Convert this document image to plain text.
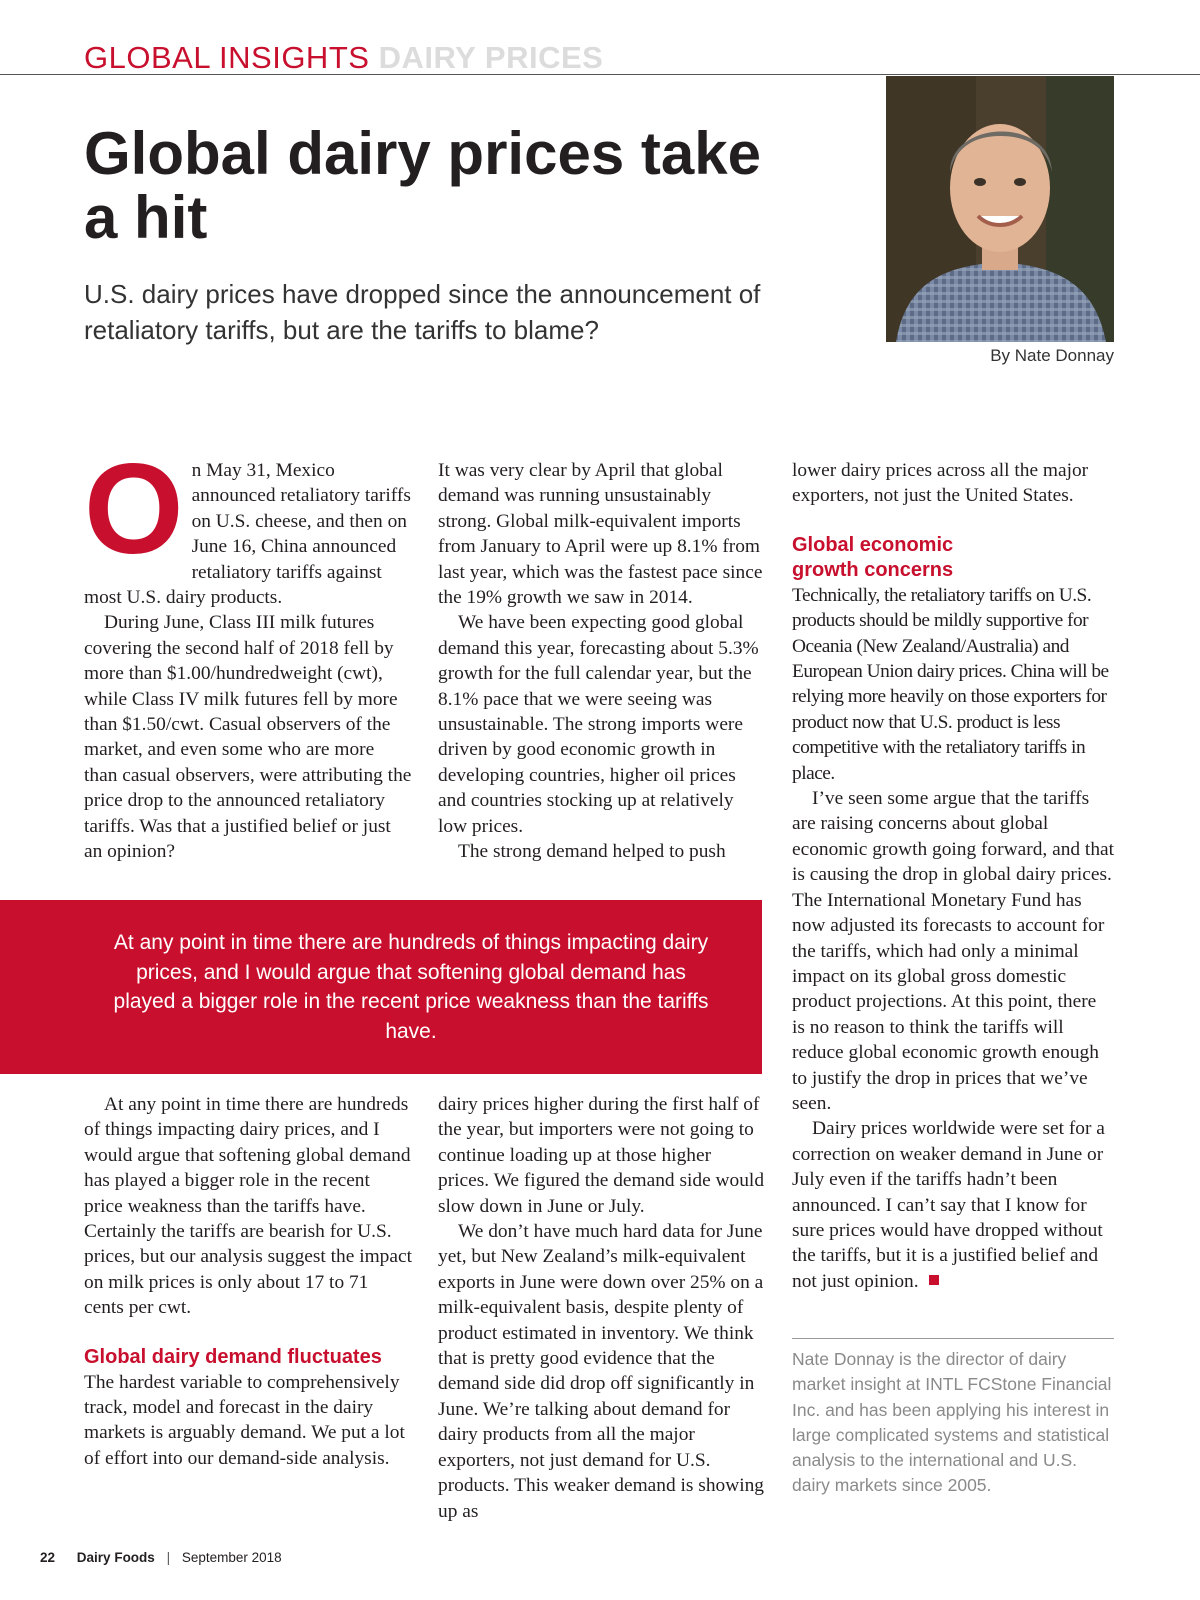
GLOBAL INSIGHTS DAIRY PRICES
Global dairy prices take a hit
U.S. dairy prices have dropped since the announcement of retaliatory tariffs, but are the tariffs to blame?
By Nate Donnay

On May 31, Mexico announced retaliatory tariffs on U.S. cheese, and then on June 16, China announced retaliatory tariffs against most U.S. dairy products.

During June, Class III milk futures covering the second half of 2018 fell by more than $1.00/hundredweight (cwt), while Class IV milk futures fell by more than $1.50/cwt. Casual observers of the market, and even some who are more than casual observers, were attributing the price drop to the announced retaliatory tariffs. Was that a justified belief or just an opinion?

It was very clear by April that global demand was running unsustainably strong. Global milk-equivalent imports from January to April were up 8.1% from last year, which was the fastest pace since the 19% growth we saw in 2014.

We have been expecting good global demand this year, forecasting about 5.3% growth for the full calendar year, but the 8.1% pace that we were seeing was unsustainable. The strong imports were driven by good economic growth in developing countries, higher oil prices and countries stocking up at relatively low prices.

The strong demand helped to push

At any point in time there are hundreds of things impacting dairy prices, and I would argue that softening global demand has played a bigger role in the recent price weakness than the tariffs have.

At any point in time there are hundreds of things impacting dairy prices, and I would argue that softening global demand has played a bigger role in the recent price weakness than the tariffs have. Certainly the tariffs are bearish for U.S. prices, but our analysis suggest the impact on milk prices is only about 17 to 71 cents per cwt.

Global dairy demand fluctuates

The hardest variable to comprehensively track, model and forecast in the dairy markets is arguably demand. We put a lot of effort into our demand-side analysis.

dairy prices higher during the first half of the year, but importers were not going to continue loading up at those higher prices. We figured the demand side would slow down in June or July.

We don’t have much hard data for June yet, but New Zealand’s milk-equivalent exports in June were down over 25% on a milk-equivalent basis, despite plenty of product estimated in inventory. We think that is pretty good evidence that the demand side did drop off significantly in June. We’re talking about demand for dairy products from all the major exporters, not just demand for U.S. products. This weaker demand is showing up as

lower dairy prices across all the major exporters, not just the United States.

Global economic growth concerns

Technically, the retaliatory tariffs on U.S. products should be mildly supportive for Oceania (New Zealand/Australia) and European Union dairy prices. China will be relying more heavily on those exporters for product now that U.S. product is less competitive with the retaliatory tariffs in place.

I’ve seen some argue that the tariffs are raising concerns about global economic growth going forward, and that is causing the drop in global dairy prices. The International Monetary Fund has now adjusted its forecasts to account for the tariffs, which had only a minimal impact on its global gross domestic product projections. At this point, there is no reason to think the tariffs will reduce global economic growth enough to justify the drop in prices that we’ve seen.

Dairy prices worldwide were set for a correction on weaker demand in June or July even if the tariffs hadn’t been announced. I can’t say that I know for sure prices would have dropped without the tariffs, but it is a justified belief and not just opinion.

Nate Donnay is the director of dairy market insight at INTL FCStone Financial Inc. and has been applying his interest in large complicated systems and statistical analysis to the international and U.S. dairy markets since 2005.
22 Dairy Foods | September 2018
